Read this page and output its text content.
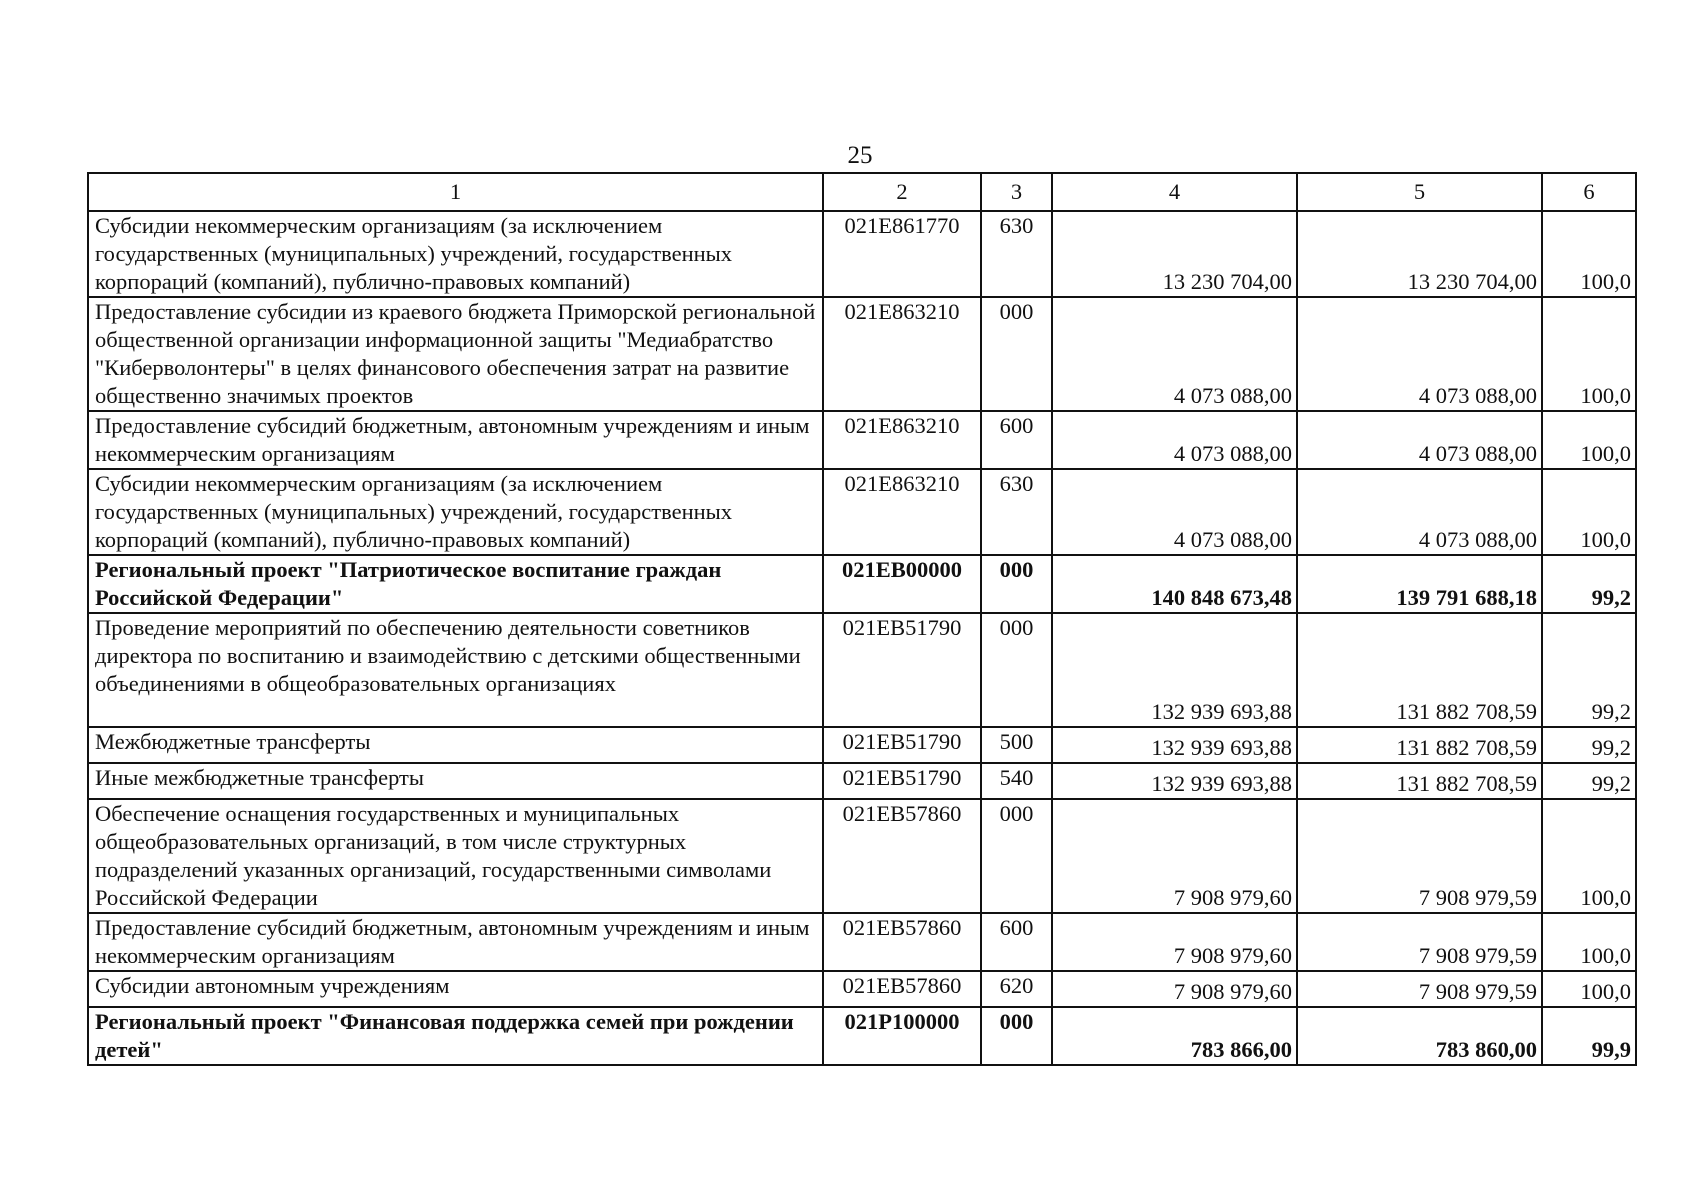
25
1	2	3	4	5	6
Субсидии некоммерческим организациям (за исключением государственных (муниципальных) учреждений, государственных корпораций (компаний), публично-правовых компаний)	021E861770	630	13 230 704,00	13 230 704,00	100,0
Предоставление субсидии из краевого бюджета Приморской региональной общественной организации информационной защиты "Медиабратство "Киберволонтеры" в целях финансового обеспечения затрат на развитие общественно значимых проектов	021E863210	000	4 073 088,00	4 073 088,00	100,0
Предоставление субсидий бюджетным, автономным учреждениям и иным некоммерческим организациям	021E863210	600	4 073 088,00	4 073 088,00	100,0
Субсидии некоммерческим организациям (за исключением государственных (муниципальных) учреждений, государственных корпораций (компаний), публично-правовых компаний)	021E863210	630	4 073 088,00	4 073 088,00	100,0
Региональный проект "Патриотическое воспитание граждан Российской Федерации"	021EB00000	000	140 848 673,48	139 791 688,18	99,2
Проведение мероприятий по обеспечению деятельности советников директора по воспитанию и взаимодействию с детскими общественными объединениями в общеобразовательных организациях	021EB51790	000	132 939 693,88	131 882 708,59	99,2
Межбюджетные трансферты	021EB51790	500	132 939 693,88	131 882 708,59	99,2
Иные межбюджетные трансферты	021EB51790	540	132 939 693,88	131 882 708,59	99,2
Обеспечение оснащения государственных и муниципальных общеобразовательных организаций, в том числе структурных подразделений указанных организаций, государственными символами Российской Федерации	021EB57860	000	7 908 979,60	7 908 979,59	100,0
Предоставление субсидий бюджетным, автономным учреждениям и иным некоммерческим организациям	021EB57860	600	7 908 979,60	7 908 979,59	100,0
Субсидии автономным учреждениям	021EB57860	620	7 908 979,60	7 908 979,59	100,0
Региональный проект "Финансовая поддержка семей при рождении детей"	021P100000	000	783 866,00	783 860,00	99,9
